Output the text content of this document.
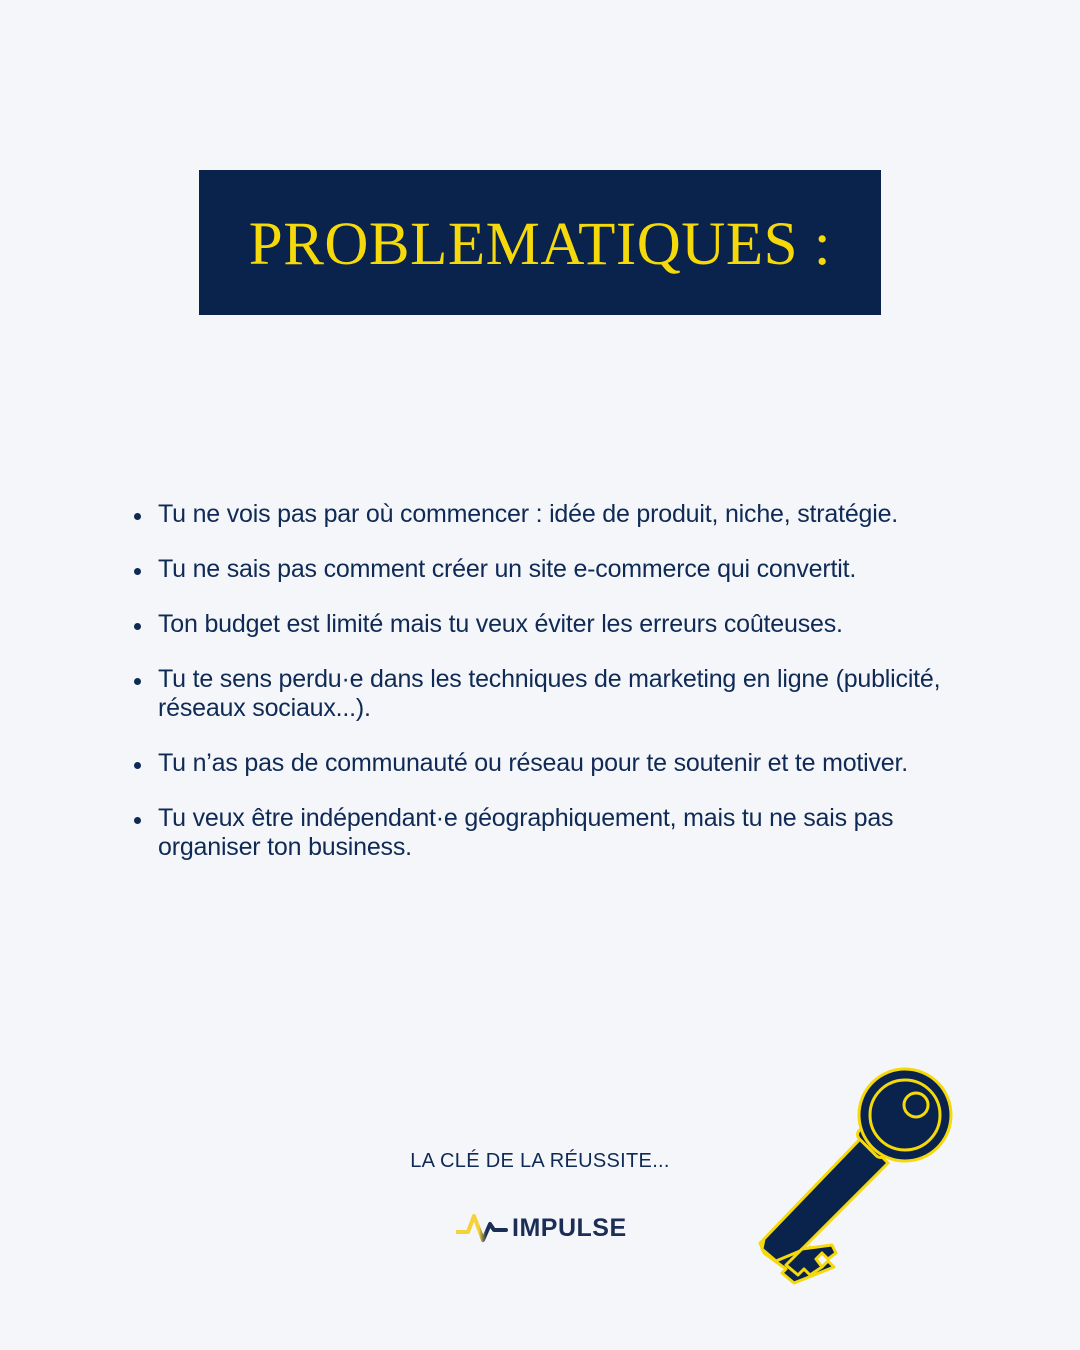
PROBLEMATIQUES :
Tu ne vois pas par où commencer : idée de produit, niche, stratégie.
Tu ne sais pas comment créer un site e-commerce qui convertit.
Ton budget est limité mais tu veux éviter les erreurs coûteuses.
Tu te sens perdu·e dans les techniques de marketing en ligne (publicité, réseaux sociaux...).
Tu n’as pas de communauté ou réseau pour te soutenir et te motiver.
Tu veux être indépendant·e géographiquement, mais tu ne sais pas organiser ton business.
LA CLÉ DE LA RÉUSSITE...
IMPULSE
